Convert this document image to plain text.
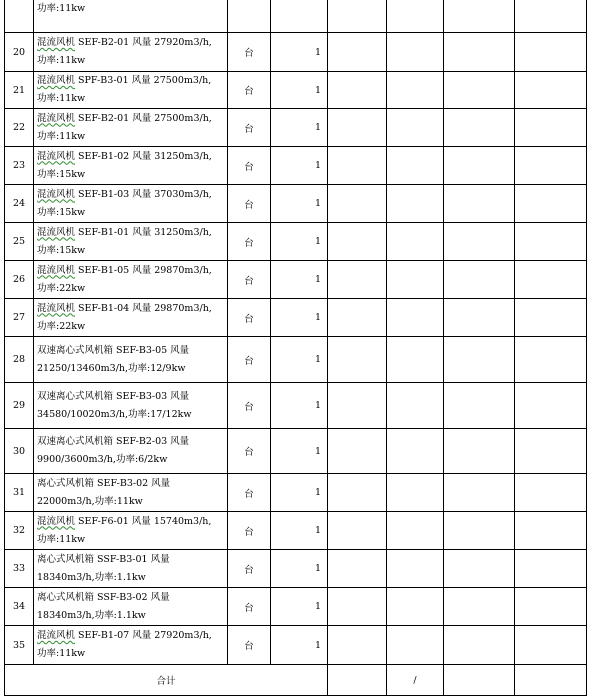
	功率:11kw						
20	混流风机 SEF-B2-01 风量 27920m3/h,
功率:11kw	台	1				
21	混流风机 SPF-B3-01 风量 27500m3/h,
功率:11kw	台	1				
22	混流风机 SEF-B2-01 风量 27500m3/h,
功率:11kw	台	1				
23	混流风机 SEF-B1-02 风量 31250m3/h,
功率:15kw	台	1				
24	混流风机 SEF-B1-03 风量 37030m3/h,
功率:15kw	台	1				
25	混流风机 SEF-B1-01 风量 31250m3/h,
功率:15kw	台	1				
26	混流风机 SEF-B1-05 风量 29870m3/h,
功率:22kw	台	1				
27	混流风机 SEF-B1-04 风量 29870m3/h,
功率:22kw	台	1				
28	双速离心式风机箱 SEF-B3-05 风量
21250/13460m3/h,功率:12/9kw	台	1				
29	双速离心式风机箱 SEF-B3-03 风量
34580/10020m3/h,功率:17/12kw	台	1				
30	双速离心式风机箱 SEF-B2-03 风量
9900/3600m3/h,功率:6/2kw	台	1				
31	离心式风机箱 SEF-B3-02 风量
22000m3/h,功率:11kw	台	1				
32	混流风机 SEF-F6-01 风量 15740m3/h,
功率:11kw	台	1				
33	离心式风机箱 SSF-B3-01 风量
18340m3/h,功率:1.1kw	台	1				
34	离心式风机箱 SSF-B3-02 风量
18340m3/h,功率:1.1kw	台	1				
35	混流风机 SEF-B1-07 风量 27920m3/h,
功率:11kw	台	1				
合计					/		
